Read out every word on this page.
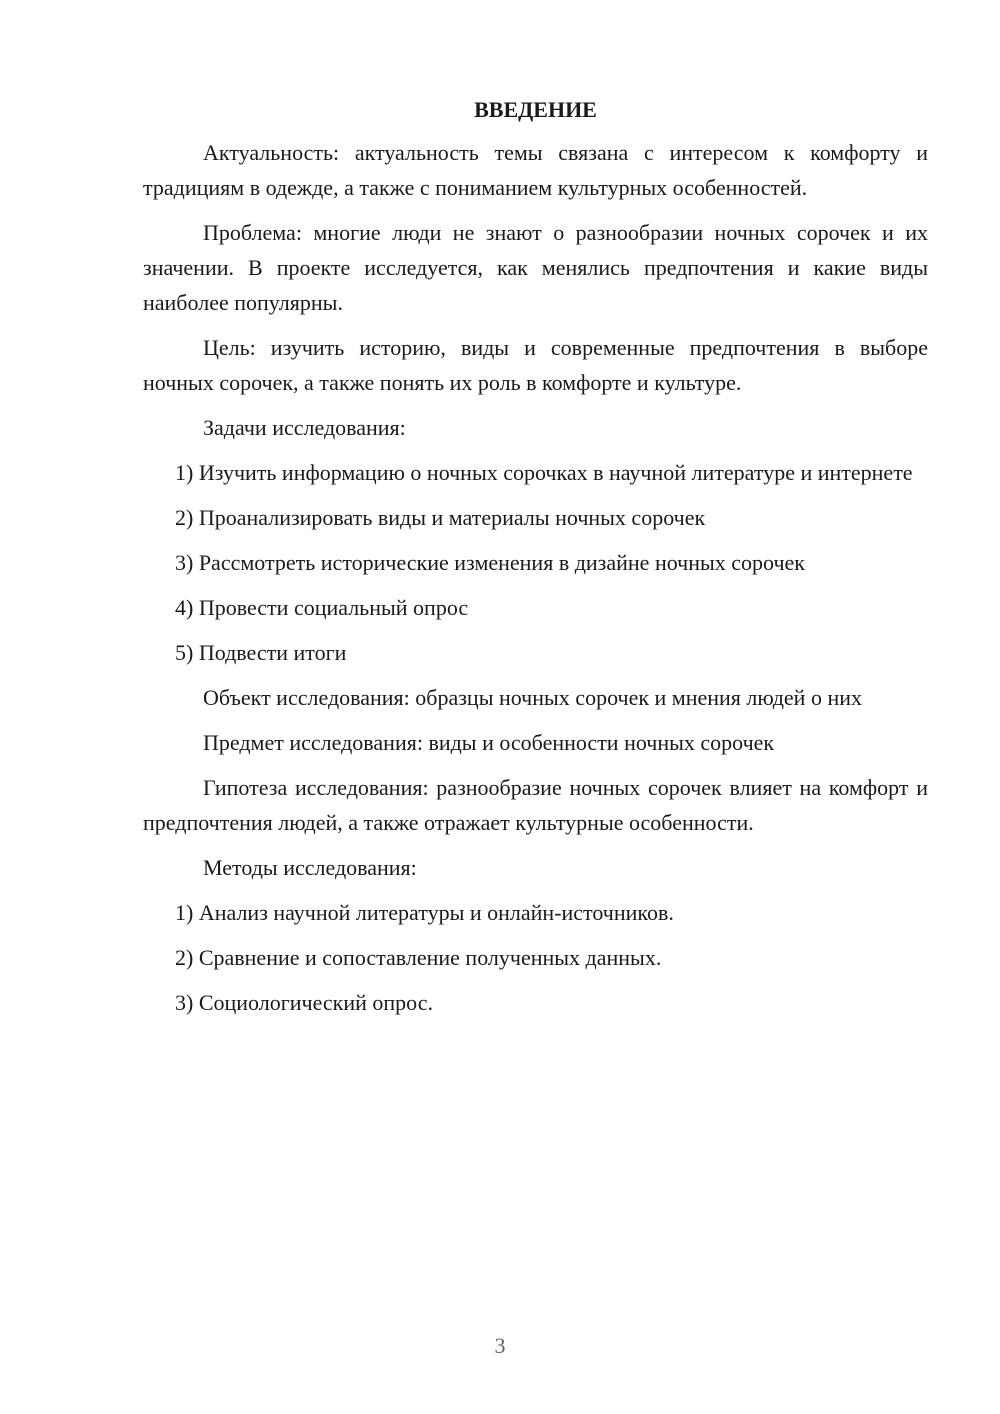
ВВЕДЕНИЕ

Актуальность: актуальность темы связана с интересом к комфорту и традициям в одежде, а также с пониманием культурных особенностей.

Проблема: многие люди не знают о разнообразии ночных сорочек и их значении. В проекте исследуется, как менялись предпочтения и какие виды наиболее популярны.

Цель: изучить историю, виды и современные предпочтения в выборе ночных сорочек, а также понять их роль в комфорте и культуре.

Задачи исследования:

1) Изучить информацию о ночных сорочках в научной литературе и интернете

2) Проанализировать виды и материалы ночных сорочек

3) Рассмотреть исторические изменения в дизайне ночных сорочек

4) Провести социальный опрос

5) Подвести итоги

Объект исследования: образцы ночных сорочек и мнения людей о них

Предмет исследования: виды и особенности ночных сорочек

Гипотеза исследования: разнообразие ночных сорочек влияет на комфорт и предпочтения людей, а также отражает культурные особенности.

Методы исследования:

1) Анализ научной литературы и онлайн-источников.

2) Сравнение и сопоставление полученных данных.

3) Социологический опрос.

3
